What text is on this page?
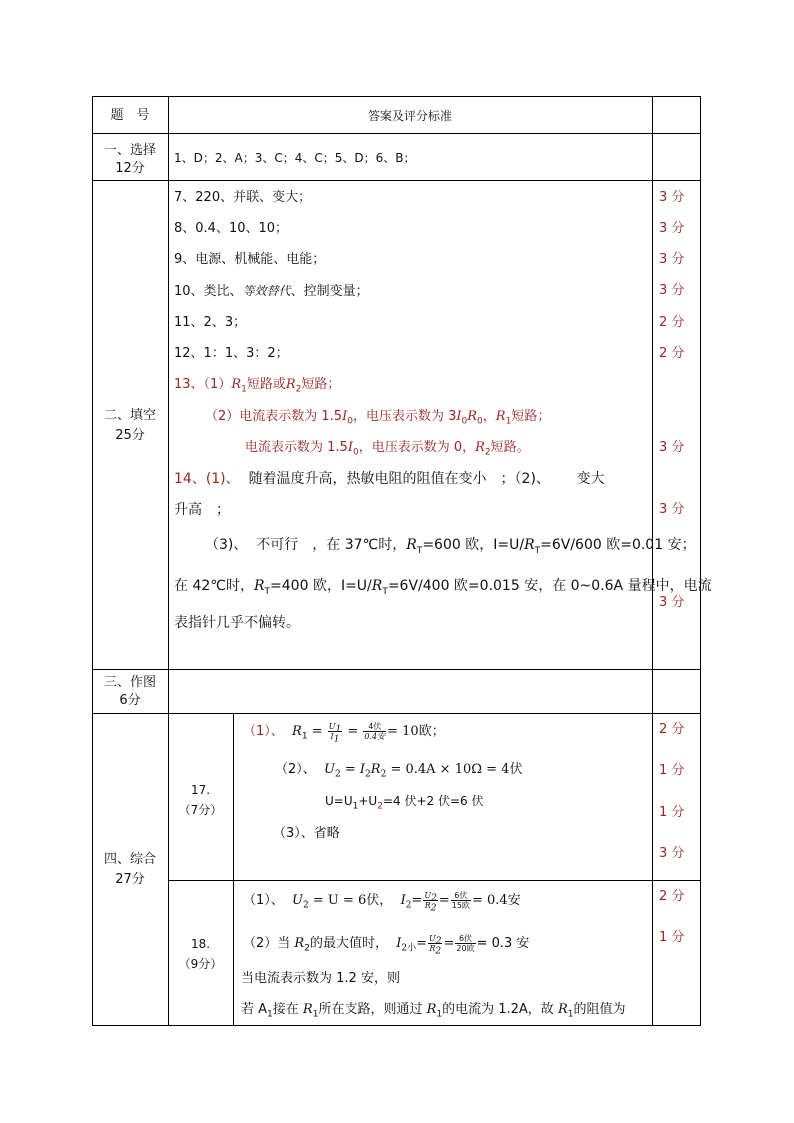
题　号	答案及评分标准
一、选择
12分
1、D；2、A；3、C；4、C；5、D；6、B；
二、填空
25分
7、220、并联、变大；
8、0.4、10、10；
9、电源、机械能、电能；
10、类比、等效替代、控制变量；
11、2、3；
12、1：1、3：2；
13、$(1)R_1$短路或$R_2$短路；
（2）电流表示数为 $1.5I_0$，电压表示数为 $3I_0R_0$，$R_1$短路；
电流表示数为 $1.5I_0$，电压表示数为 0，$R_2$短路。
14、(1)、 随着温度升高，热敏电阻的阻值在变小　；（2)、 变大
升高　；
（3)、 不可行　，在 37℃时，$R_T=600$ 欧，$I=U/R_T=6V/600$ 欧=0.01 安；
在 42℃时，$R_T=400$ 欧，$I=U/R_T=6V/400$ 欧=0.015 安，在 0~0.6A 量程中，电流
表指针几乎不偏转。
三、作图
6分
四、综合
27分
17.
（7分）
（1）、 $R_1 = \frac{U_1}{I_1} = \frac{\text{4伏}}{\text{0.4安}} = 10$欧；
（2）、 $U_2 = I_2R_2 = 0.4A \times 10\Omega = 4$伏
$U=U_1+U_2=4$ 伏+2 伏=6 伏
（3）、省略
18.
（9分）
（1）、 $U_2 = U = 6$伏， $I_2= \frac{U_2}{R_2} = \frac{\text{6伏}}{\text{15欧}} = 0.4$安
（2）当 $R_2$的最大值时， $I_{2小}= \frac{U_2}{R_2} = \frac{\text{6伏}}{\text{20欧}} = 0.3$ 安
当电流表示数为 1.2 安，则
若 $A_1$接在 $R_1$所在支路，则通过 $R_1$的电流为 1.2A，故 $R_1$的阻值为
3 分
3 分
3 分
3 分
2 分
2 分
3 分
3 分
3 分
2 分
1 分
1 分
3 分
2 分
1 分
